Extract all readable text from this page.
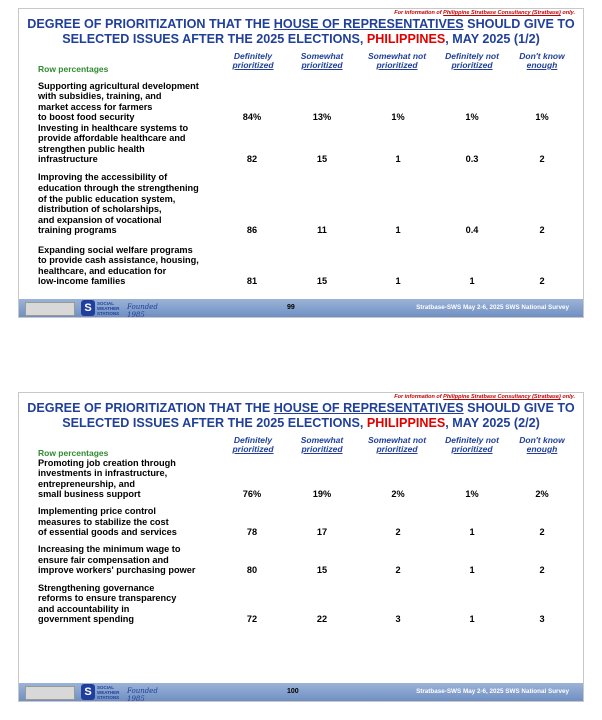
For information of Philippine Stratbase Consultancy (Stratbase) only.
DEGREE OF PRIORITIZATION THAT THE HOUSE OF REPRESENTATIVES SHOULD GIVE TO
SELECTED ISSUES AFTER THE 2025 ELECTIONS, PHILIPPINES, MAY 2025 (1/2)
Row percentages
Definitely
prioritized
Somewhat
prioritized
Somewhat not
prioritized
Definitely not
prioritized
Don't know
enough
Supporting agricultural development
with subsidies, training, and
market access for farmers
to boost food security	84%	13%	1%	1%	1%
Investing in healthcare systems to
provide affordable healthcare and
strengthen public health
infrastructure	82	15	1	0.3	2
Improving the accessibility of
education through the strengthening
of the public education system,
distribution of scholarships,
and expansion of vocational
training programs	86	11	1	0.4	2
Expanding social welfare programs
to provide cash assistance, housing,
healthcare, and education for
low-income families	81	15	1	1	2
S	SOCIAL
WEATHER
STATIONS
Founded 1985
99	Stratbase-SWS May 2-6, 2025 SWS National Survey
For information of Philippine Stratbase Consultancy (Stratbase) only.
DEGREE OF PRIORITIZATION THAT THE HOUSE OF REPRESENTATIVES SHOULD GIVE TO
SELECTED ISSUES AFTER THE 2025 ELECTIONS, PHILIPPINES, MAY 2025 (2/2)
Row percentages
Definitely
prioritized
Somewhat
prioritized
Somewhat not
prioritized
Definitely not
prioritized
Don't know
enough
Promoting job creation through
investments in infrastructure,
entrepreneurship, and
small business support	76%	19%	2%	1%	2%
Implementing price control
measures to stabilize the cost
of essential goods and services	78	17	2	1	2
Increasing the minimum wage to
ensure fair compensation and
improve workers' purchasing power	80	15	2	1	2
Strengthening governance
reforms to ensure transparency
and accountability in
government spending	72	22	3	1	3
S	SOCIAL
WEATHER
STATIONS
Founded 1985
100	Stratbase-SWS May 2-6, 2025 SWS National Survey
